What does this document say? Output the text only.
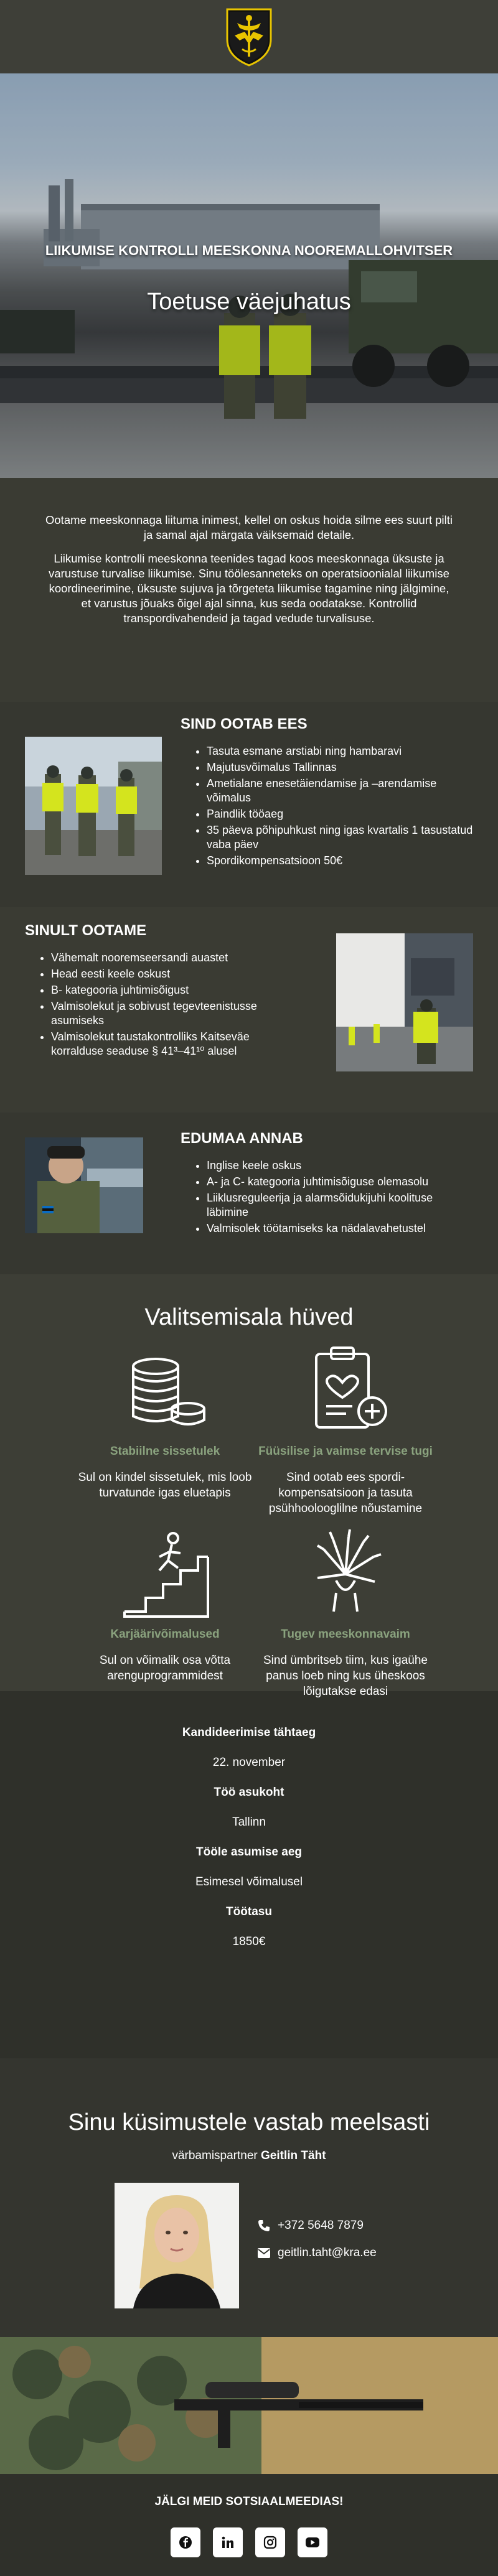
LIIKUMISE KONTROLLI MEESKONNA NOOREMALLOHVITSER
Toetuse väejuhatus

Ootame meeskonnaga liituma inimest, kellel on oskus hoida silme ees suurt pilti ja samal ajal märgata väiksemaid detaile.

Liikumise kontrolli meeskonna teenides tagad koos meeskonnaga üksuste ja varustuse turvalise liikumise. Sinu töölesanneteks on operatsioonialal liikumise koordineerimine, üksuste sujuva ja tõrgeteta liikumise tagamine ning jälgimine, et varustus jõuaks õigel ajal sinna, kus seda oodatakse. Kontrollid transpordivahendeid ja tagad vedude turvalisuse.

SIND OOTAB EES
• Tasuta esmane arstiabi ning hambaravi
• Majutusvõimalus Tallinnas
• Ametialane enesetäiendamise ja –arendamise võimalus
• Paindlik tööaeg
• 35 päeva põhipuhkust ning igas kvartalis 1 tasustatud vaba päev
• Spordikompensatsioon 50€
SINULT OOTAME
• Vähemalt nooremseersandi auastet
• Head eesti keele oskust
• B- kategooria juhtimisõigust
• Valmisolekut ja sobivust tegevteenistusse asumiseks
• Valmisolekut taustakontrolliks Kaitseväe korralduse seaduse § 41³–41¹⁰ alusel
EDUMAA ANNAB
• Inglise keele oskus
• A- ja C- kategooria juhtimisõiguse olemasolu
• Liiklusreguleerija ja alarmsõidukijuhi koolituse läbimine
• Valmisolek töötamiseks ka nädalavahetustel
Valitsemisala hüved
Stabiilne sissetulek
Sul on kindel sissetulek, mis loob turvatunde igas eluetapis
Füüsilise ja vaimse tervise tugi
Sind ootab ees spordi-kompensatsioon ja tasuta psühhoolooglilne nõustamine
Karjäärivõimalused
Sul on võimalik osa võtta arenguprogrammidest
Tugev meeskonnavaim
Sind ümbritseb tiim, kus igaühe panus loeb ning kus üheskoos lõigutakse edasi
Kandideerimise tähtaeg
22. november
Töö asukoht
Tallinn
Tööle asumise aeg
Esimesel võimalusel
Töötasu
1850€
Sinu küsimustele vastab meelsasti
värbamispartner Geitlin Täht
+372 5648 7879
geitlin.taht@kra.ee
JÄLGI MEID SOTSIAALMEEDIAS!
